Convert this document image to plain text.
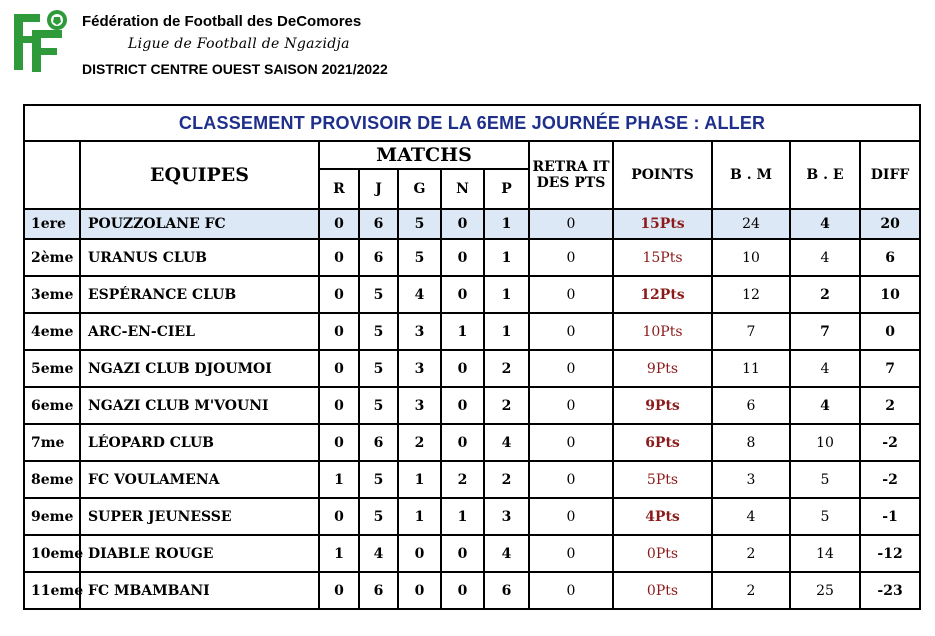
Fédération de Football des DeComores
Ligue de Football de Ngazidja
DISTRICT CENTRE OUEST SAISON 2021/2022
CLASSEMENT PROVISOIR DE LA 6EME JOURNÉE PHASE : ALLER											
	EQUIPES	MATCHS					RETRA IT DES PTS	POINTS	B . M	B . E	DIFF
		R	J	G	N	P					
1ere	POUZZOLANE FC	0	6	5	0	1	0	15Pts	24	4	20
2ème	URANUS CLUB	0	6	5	0	1	0	15Pts	10	4	6
3eme	ESPÉRANCE CLUB	0	5	4	0	1	0	12Pts	12	2	10
4eme	ARC-EN-CIEL	0	5	3	1	1	0	10Pts	7	7	0
5eme	NGAZI CLUB DJOUMOI	0	5	3	0	2	0	9Pts	11	4	7
6eme	NGAZI CLUB M'VOUNI	0	5	3	0	2	0	9Pts	6	4	2
7me	LÉOPARD CLUB	0	6	2	0	4	0	6Pts	8	10	-2
8eme	FC VOULAMENA	1	5	1	2	2	0	5Pts	3	5	-2
9eme	SUPER JEUNESSE	0	5	1	1	3	0	4Pts	4	5	-1
10eme	DIABLE ROUGE	1	4	0	0	4	0	0Pts	2	14	-12
11eme	FC MBAMBANI	0	6	0	0	6	0	0Pts	2	25	-23
